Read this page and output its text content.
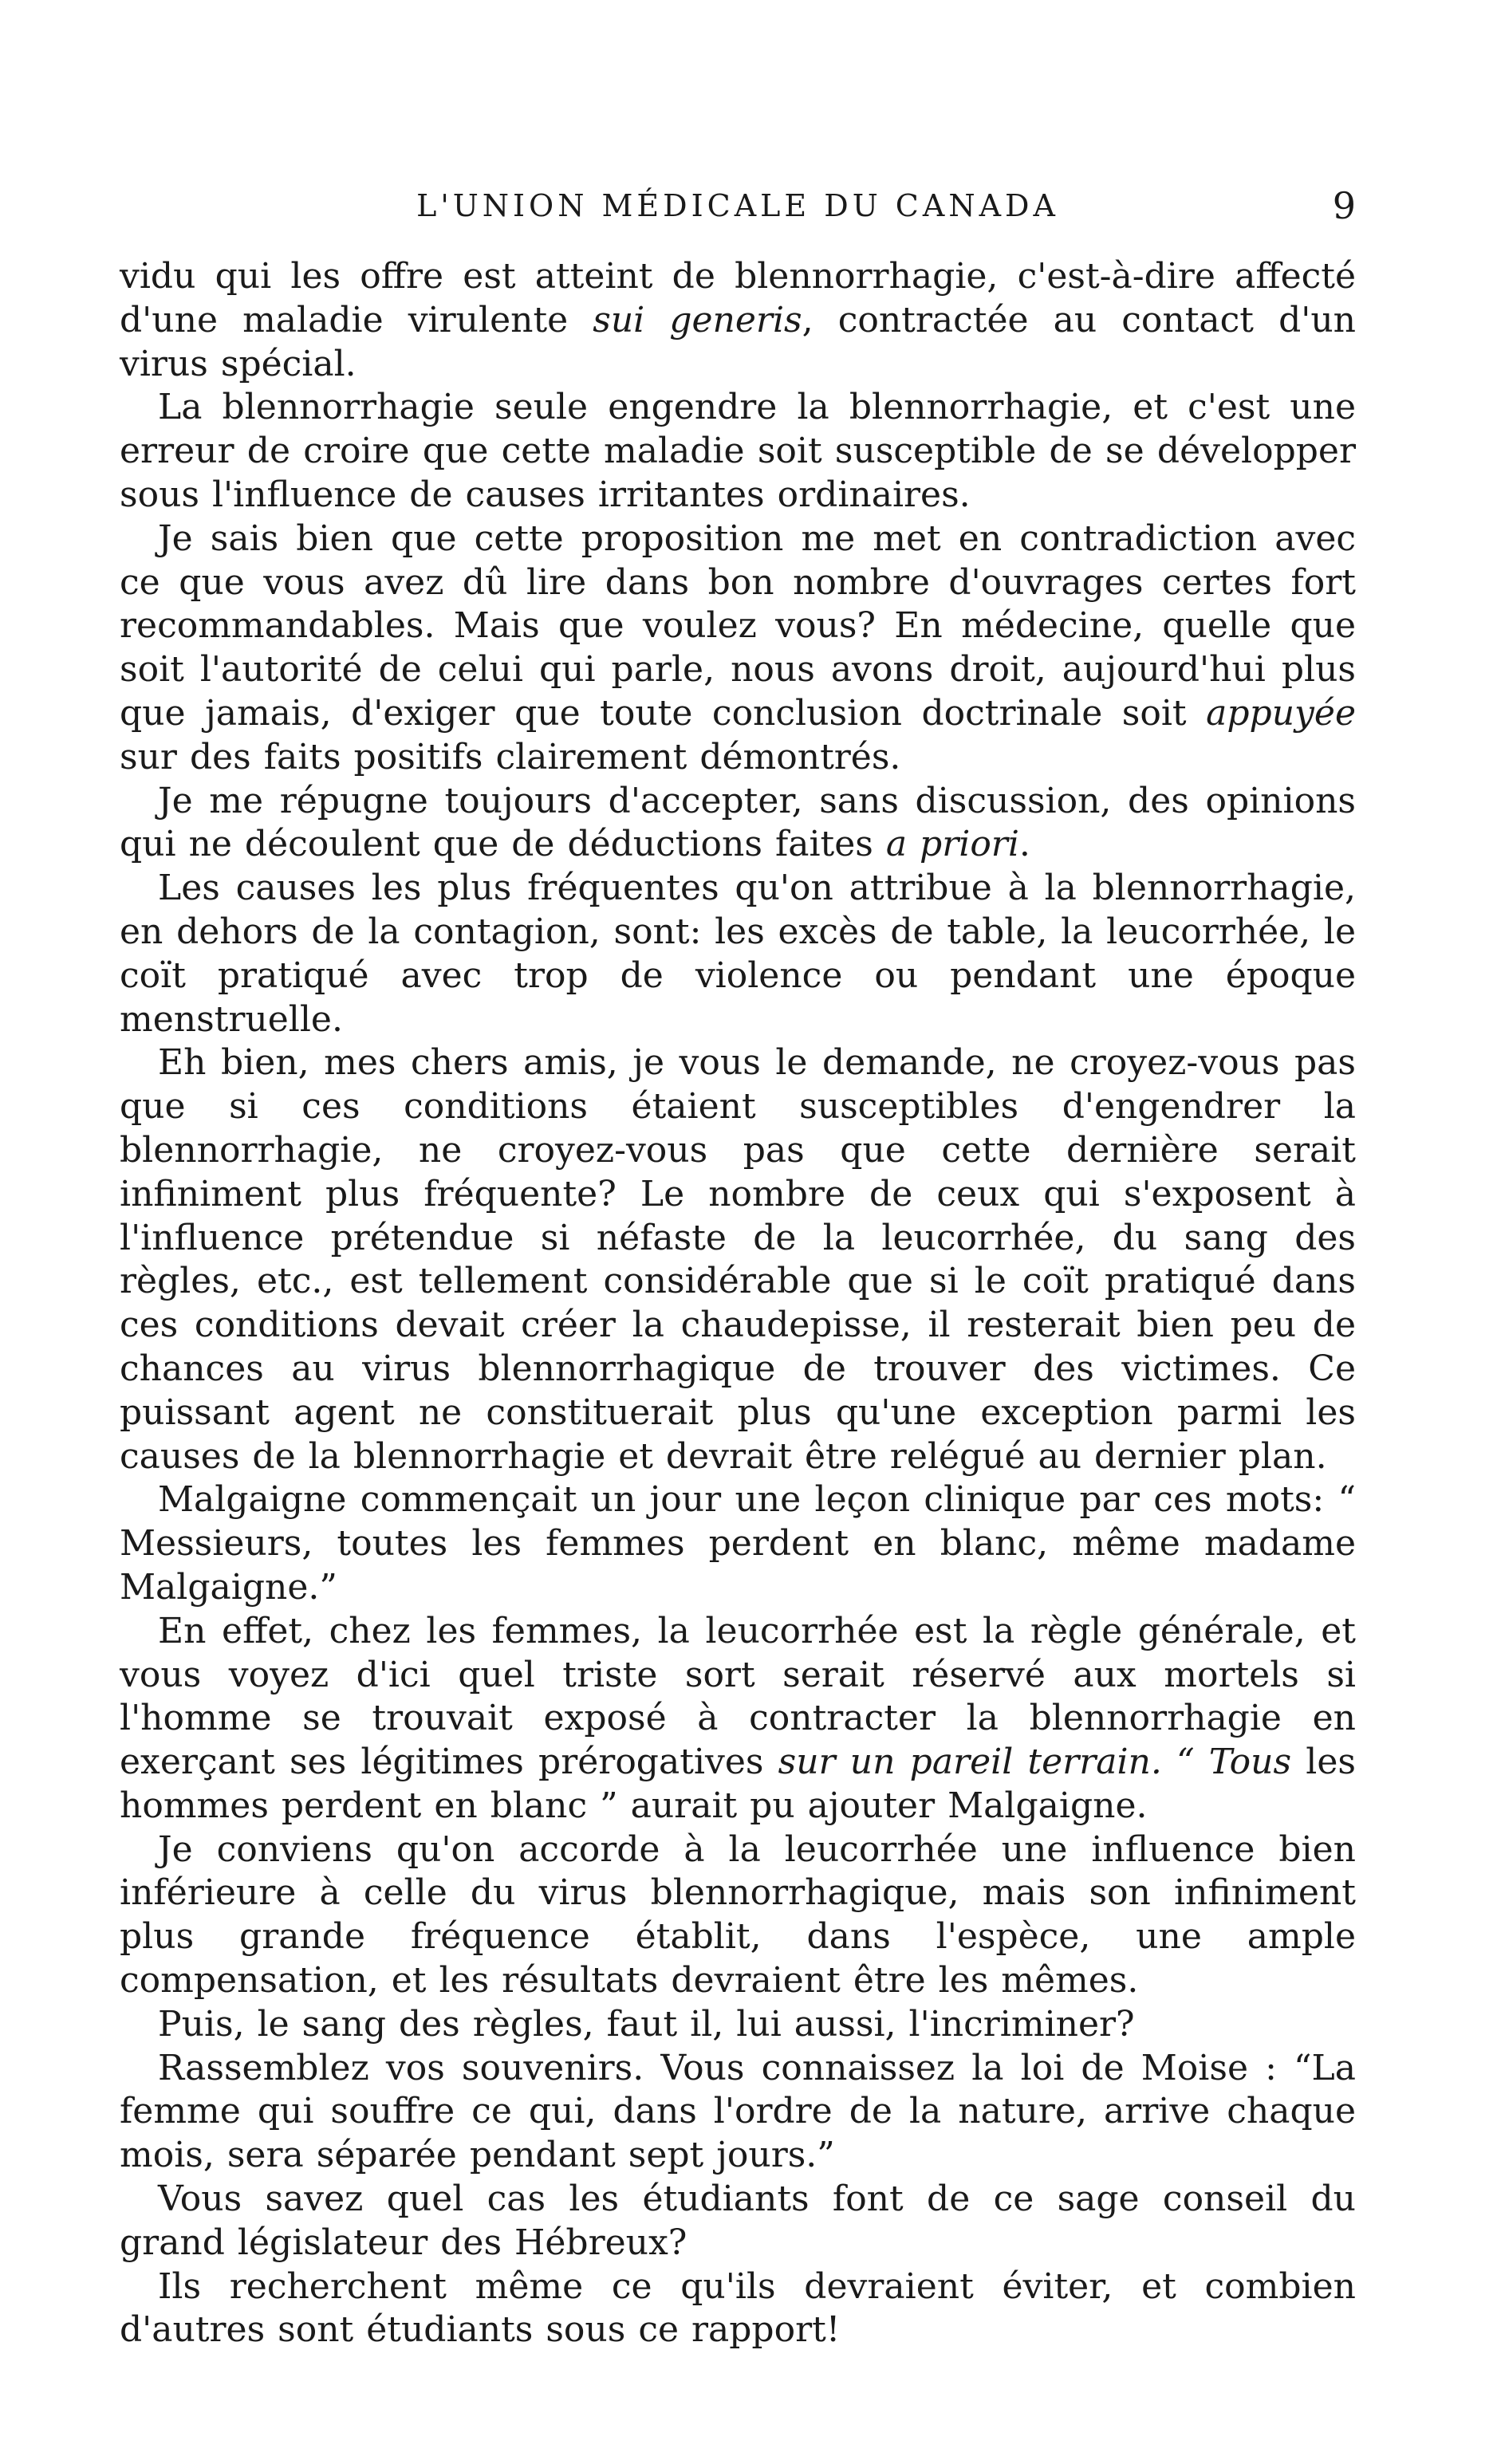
L'UNION MÉDICALE DU CANADA	9

vidu qui les offre est atteint de blennorrhagie, c'est-à-dire affecté d'une maladie virulente sui generis, contractée au contact d'un virus spécial.

La blennorrhagie seule engendre la blennorrhagie, et c'est une erreur de croire que cette maladie soit susceptible de se développer sous l'influence de causes irritantes ordinaires.

Je sais bien que cette proposition me met en contradiction avec ce que vous avez dû lire dans bon nombre d'ouvrages certes fort recommandables. Mais que voulez vous? En médecine, quelle que soit l'autorité de celui qui parle, nous avons droit, aujourd'hui plus que jamais, d'exiger que toute conclusion doctrinale soit appuyée sur des faits positifs clairement démontrés.

Je me répugne toujours d'accepter, sans discussion, des opinions qui ne découlent que de déductions faites a priori.

Les causes les plus fréquentes qu'on attribue à la blennorrhagie, en dehors de la contagion, sont: les excès de table, la leucorrhée, le coït pratiqué avec trop de violence ou pendant une époque menstruelle.

Eh bien, mes chers amis, je vous le demande, ne croyez-vous pas que si ces conditions étaient susceptibles d'engendrer la blennorrhagie, ne croyez-vous pas que cette dernière serait infiniment plus fréquente? Le nombre de ceux qui s'exposent à l'influence prétendue si néfaste de la leucorrhée, du sang des règles, etc., est tellement considérable que si le coït pratiqué dans ces conditions devait créer la chaudepisse, il resterait bien peu de chances au virus blennorrhagique de trouver des victimes. Ce puissant agent ne constituerait plus qu'une exception parmi les causes de la blennorrhagie et devrait être relégué au dernier plan.

Malgaigne commençait un jour une leçon clinique par ces mots: “ Messieurs, toutes les femmes perdent en blanc, même madame Malgaigne.”

En effet, chez les femmes, la leucorrhée est la règle générale, et vous voyez d'ici quel triste sort serait réservé aux mortels si l'homme se trouvait exposé à contracter la blennorrhagie en exerçant ses légitimes prérogatives sur un pareil terrain. “ Tous les hommes perdent en blanc ” aurait pu ajouter Malgaigne.

Je conviens qu'on accorde à la leucorrhée une influence bien inférieure à celle du virus blennorrhagique, mais son infiniment plus grande fréquence établit, dans l'espèce, une ample compensation, et les résultats devraient être les mêmes.

Puis, le sang des règles, faut il, lui aussi, l'incriminer?

Rassemblez vos souvenirs. Vous connaissez la loi de Moise : “La femme qui souffre ce qui, dans l'ordre de la nature, arrive chaque mois, sera séparée pendant sept jours.”

Vous savez quel cas les étudiants font de ce sage conseil du grand législateur des Hébreux?

Ils recherchent même ce qu'ils devraient éviter, et combien d'autres sont étudiants sous ce rapport!
